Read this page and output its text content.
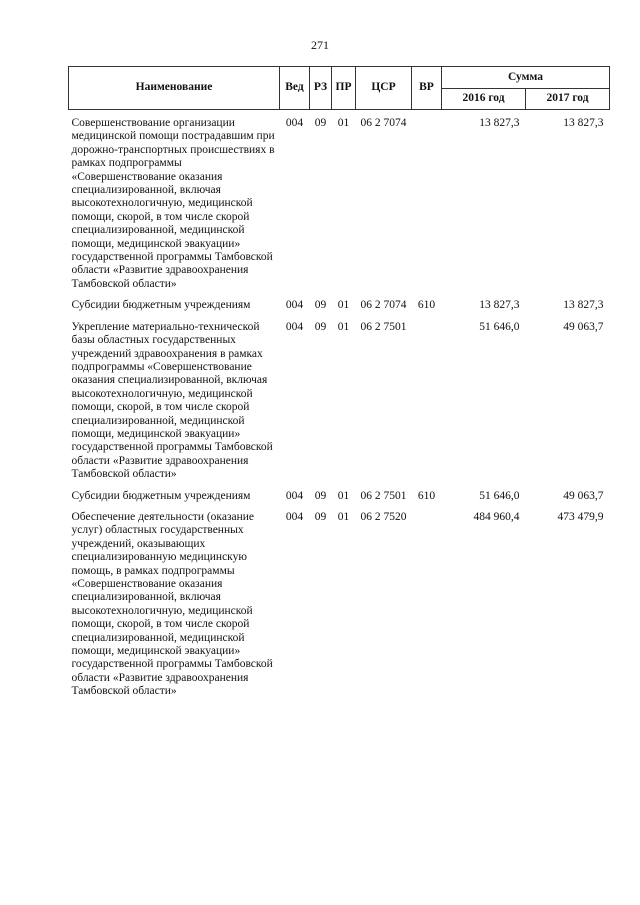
271
Наименование	Вед	РЗ	ПР	ЦСР	ВР	Сумма	
						2016 год	2017 год
Совершенствование организации медицинской помощи пострадавшим при дорожно-транспортных происшествиях в рамках подпрограммы «Совершенствование оказания специализированной, включая высокотехнологичную, медицинской помощи, скорой, в том числе скорой специализированной, медицинской помощи, медицинской эвакуации» государственной программы Тамбовской области «Развитие здравоохранения Тамбовской области»	004	09	01	06 2 7074		13 827,3	13 827,3
Субсидии бюджетным учреждениям	004	09	01	06 2 7074	610	13 827,3	13 827,3
Укрепление материально-технической базы областных государственных учреждений здравоохранения в рамках подпрограммы «Совершенствование оказания специализированной, включая высокотехнологичную, медицинской помощи, скорой, в том числе скорой специализированной, медицинской помощи, медицинской эвакуации» государственной программы Тамбовской области «Развитие здравоохранения Тамбовской области»	004	09	01	06 2 7501		51 646,0	49 063,7
Субсидии бюджетным учреждениям	004	09	01	06 2 7501	610	51 646,0	49 063,7
Обеспечение деятельности (оказание услуг) областных государственных учреждений, оказывающих специализированную медицинскую помощь, в рамках подпрограммы «Совершенствование оказания специализированной, включая высокотехнологичную, медицинской помощи, скорой, в том числе скорой специализированной, медицинской помощи, медицинской эвакуации» государственной программы Тамбовской области «Развитие здравоохранения Тамбовской области»	004	09	01	06 2 7520		484 960,4	473 479,9
